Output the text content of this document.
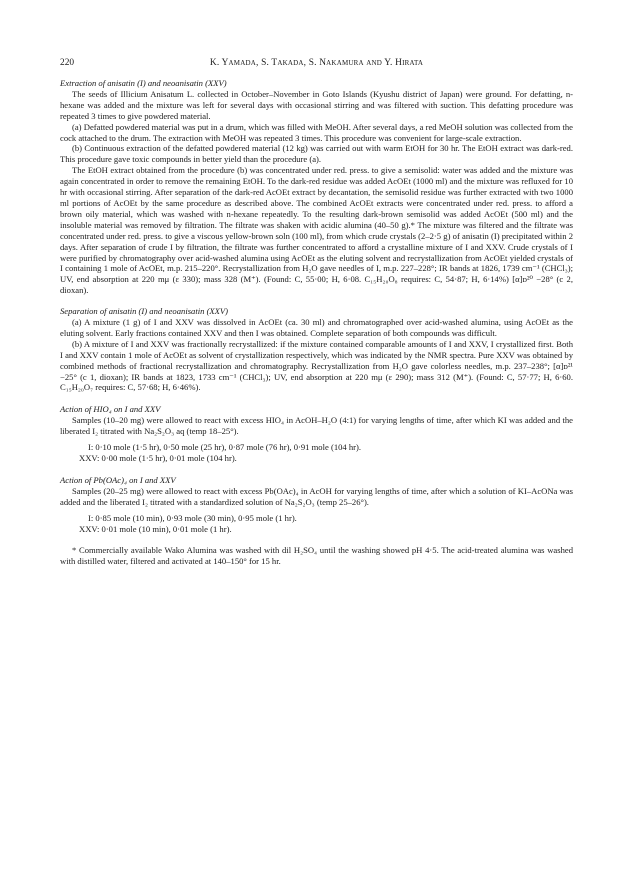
220	K. Yamada, S. Takada, S. Nakamura and Y. Hirata
Extraction of anisatin (I) and neoanisatin (XXV)

The seeds of Illicium Anisatum L. collected in October–November in Goto Islands (Kyushu district of Japan) were ground. For defatting, n-hexane was added and the mixture was left for several days with occasional stirring and was filtered with suction. This defatting procedure was repeated 3 times to give powdered material.

(a) Defatted powdered material was put in a drum, which was filled with MeOH. After several days, a red MeOH solution was collected from the cock attached to the drum. The extraction with MeOH was repeated 3 times. This procedure was convenient for large-scale extraction.

(b) Continuous extraction of the defatted powdered material (12 kg) was carried out with warm EtOH for 30 hr. The EtOH extract was dark-red. This procedure gave toxic compounds in better yield than the procedure (a).

The EtOH extract obtained from the procedure (b) was concentrated under red. press. to give a semisolid: water was added and the mixture was again concentrated in order to remove the remaining EtOH. To the dark-red residue was added AcOEt (1000 ml) and the mixture was refluxed for 10 hr with occasional stirring. After separation of the dark-red AcOEt extract by decantation, the semisolid residue was further extracted with two 1000 ml portions of AcOEt by the same procedure as described above. The combined AcOEt extracts were concentrated under red. press. to afford a brown oily material, which was washed with n-hexane repeatedly. To the resulting dark-brown semisolid was added AcOEt (500 ml) and the insoluble material was removed by filtration. The filtrate was shaken with acidic alumina (40–50 g).* The mixture was filtered and the filtrate was concentrated under red. press. to give a viscous yellow-brown soln (100 ml), from which crude crystals (2–2·5 g) of anisatin (I) precipitated within 2 days. After separation of crude I by filtration, the filtrate was further concentrated to afford a crystalline mixture of I and XXV. Crude crystals of I were purified by chromatography over acid-washed alumina using AcOEt as the eluting solvent and recrystallization from AcOEt yielded crystals of I containing 1 mole of AcOEt, m.p. 215–220°. Recrystallization from H₂O gave needles of I, m.p. 227–228°; IR bands at 1826, 1739 cm⁻¹ (CHCl₃); UV, end absorption at 220 mμ (ε 330); mass 328 (M⁺). (Found: C, 55·00; H, 6·08. C₁₅H₂₀O₈ requires: C, 54·87; H, 6·14%) [α]ᴅ²⁰ −28° (c 2, dioxan).

Separation of anisatin (I) and neoanisatin (XXV)

(a) A mixture (1 g) of I and XXV was dissolved in AcOEt (ca. 30 ml) and chromatographed over acid-washed alumina, using AcOEt as the eluting solvent. Early fractions contained XXV and then I was obtained. Complete separation of both compounds was difficult.

(b) A mixture of I and XXV was fractionally recrystallized: if the mixture contained comparable amounts of I and XXV, I crystallized first. Both I and XXV contain 1 mole of AcOEt as solvent of crystallization respectively, which was indicated by the NMR spectra. Pure XXV was obtained by combined methods of fractional recrystallization and chromatography. Recrystallization from H₂O gave colorless needles, m.p. 237–238°; [α]ᴅ²¹ −25° (c 1, dioxan); IR bands at 1823, 1733 cm⁻¹ (CHCl₃); UV, end absorption at 220 mμ (ε 290); mass 312 (M⁺). (Found: C, 57·77; H, 6·60. C₁₅H₂₀O₇ requires: C, 57·68; H, 6·46%).

Action of HIO₄ on I and XXV

Samples (10–20 mg) were allowed to react with excess HIO₄ in AcOH–H₂O (4:1) for varying lengths of time, after which KI was added and the liberated I₂ titrated with Na₂S₂O₃ aq (temp 18–25°).

I: 0·10 mole (1·5 hr), 0·50 mole (25 hr), 0·87 mole (76 hr), 0·91 mole (104 hr).

XXV: 0·00 mole (1·5 hr), 0·01 mole (104 hr).

Action of Pb(OAc)₄ on I and XXV

Samples (20–25 mg) were allowed to react with excess Pb(OAc)₄ in AcOH for varying lengths of time, after which a solution of KI–AcONa was added and the liberated I₂ titrated with a standardized solution of Na₂S₂O₃ (temp 25–26°).

I: 0·85 mole (10 min), 0·93 mole (30 min), 0·95 mole (1 hr).

XXV: 0·01 mole (10 min), 0·01 mole (1 hr).

* Commercially available Wako Alumina was washed with dil H₂SO₄ until the washing showed pH 4·5. The acid-treated alumina was washed with distilled water, filtered and activated at 140–150° for 15 hr.
